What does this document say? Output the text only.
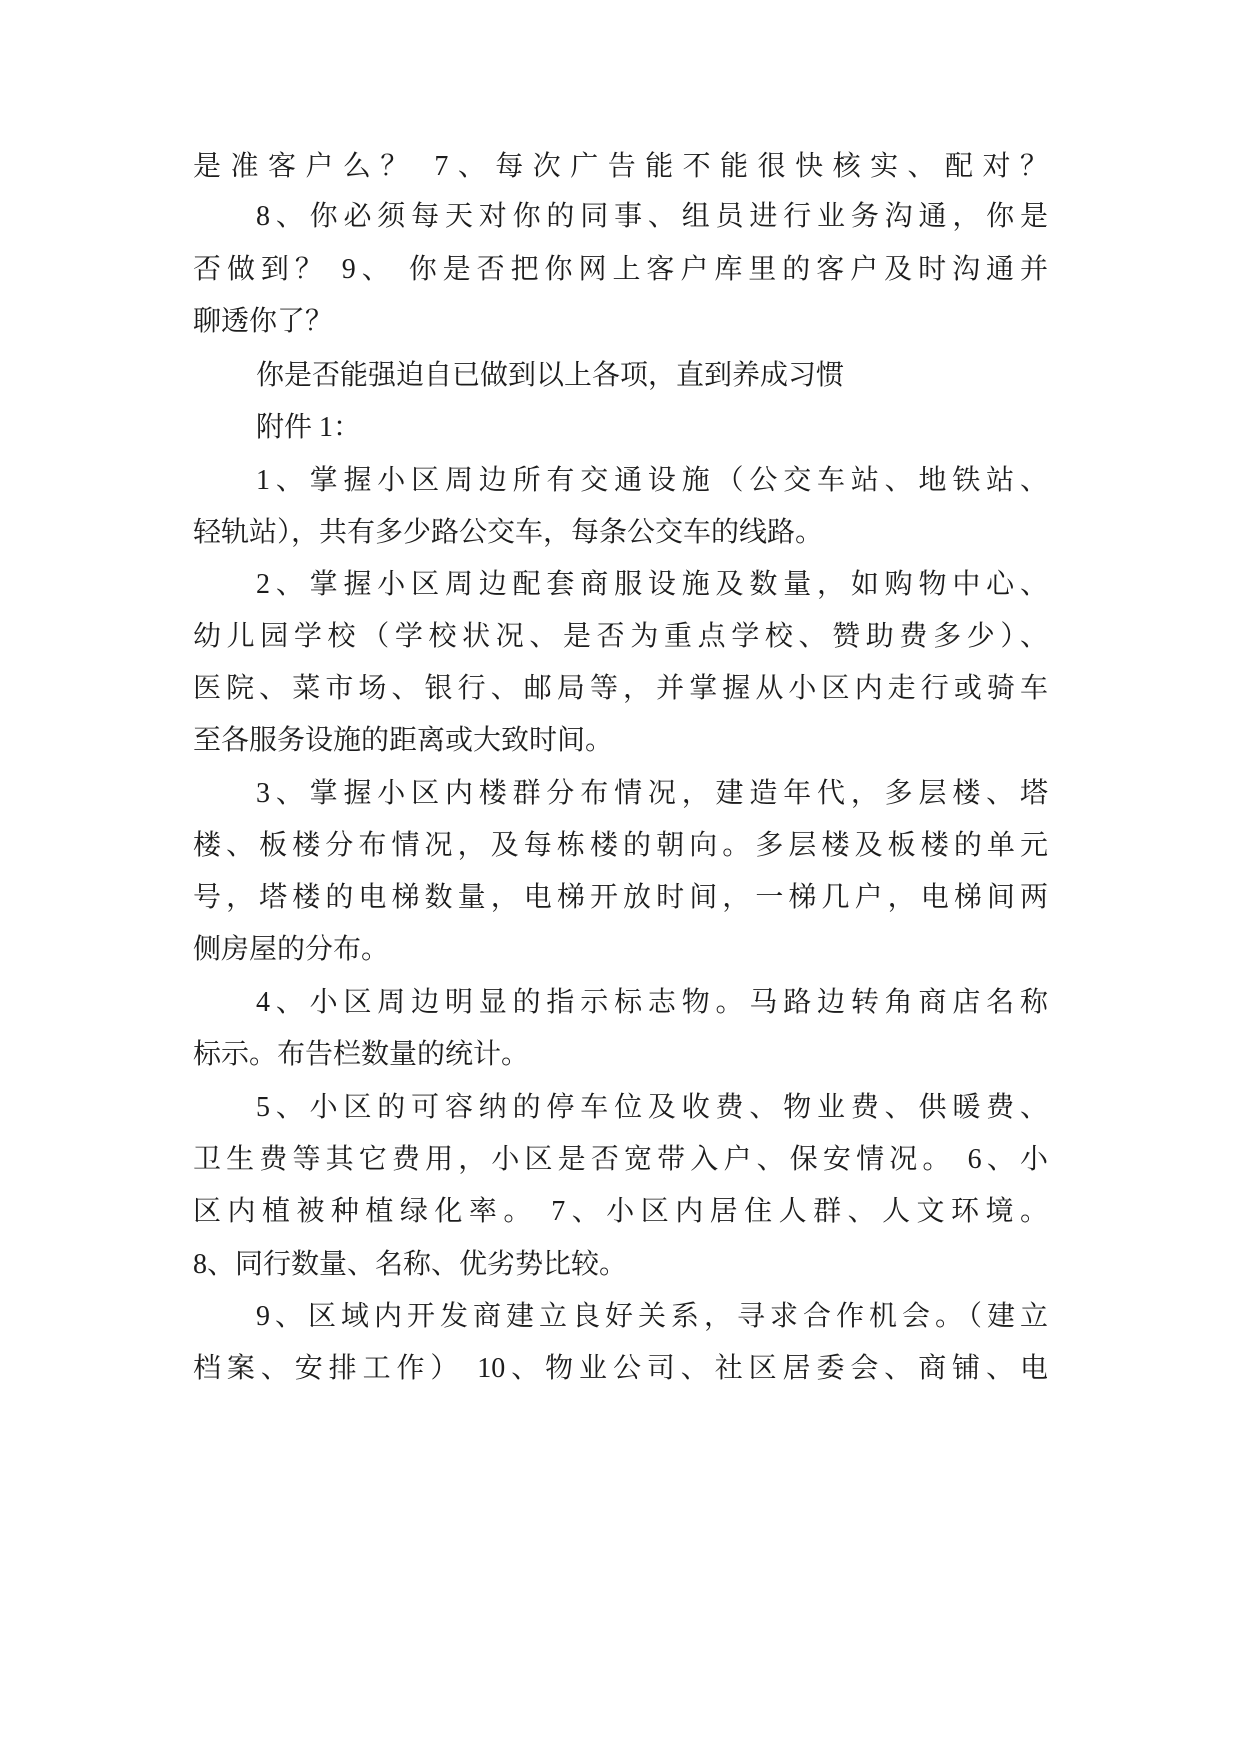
是准客户么？ 7、每次广告能不能很快核实、配对？
8、你必须每天对你的同事、组员进行业务沟通，你是
否做到？ 9、 你是否把你网上客户库里的客户及时沟通并
聊透你了？
你是否能强迫自已做到以上各项，直到养成习惯
附件 1：
1、掌握小区周边所有交通设施（公交车站、地铁站、
轻轨站），共有多少路公交车，每条公交车的线路。
2、掌握小区周边配套商服设施及数量，如购物中心、
幼儿园学校（学校状况、是否为重点学校、赞助费多少）、
医院、菜市场、银行、邮局等，并掌握从小区内走行或骑车
至各服务设施的距离或大致时间。
3、掌握小区内楼群分布情况，建造年代，多层楼、塔
楼、板楼分布情况，及每栋楼的朝向。多层楼及板楼的单元
号，塔楼的电梯数量，电梯开放时间，一梯几户，电梯间两
侧房屋的分布。
4、小区周边明显的指示标志物。马路边转角商店名称
标示。布告栏数量的统计。
5、小区的可容纳的停车位及收费、物业费、供暖费、
卫生费等其它费用，小区是否宽带入户、保安情况。 6、小
区内植被种植绿化率。 7、小区内居住人群、人文环境。
8、同行数量、名称、优劣势比较。
9、区域内开发商建立良好关系，寻求合作机会。（建立
档案、安排工作） 10、物业公司、社区居委会、商铺、电
